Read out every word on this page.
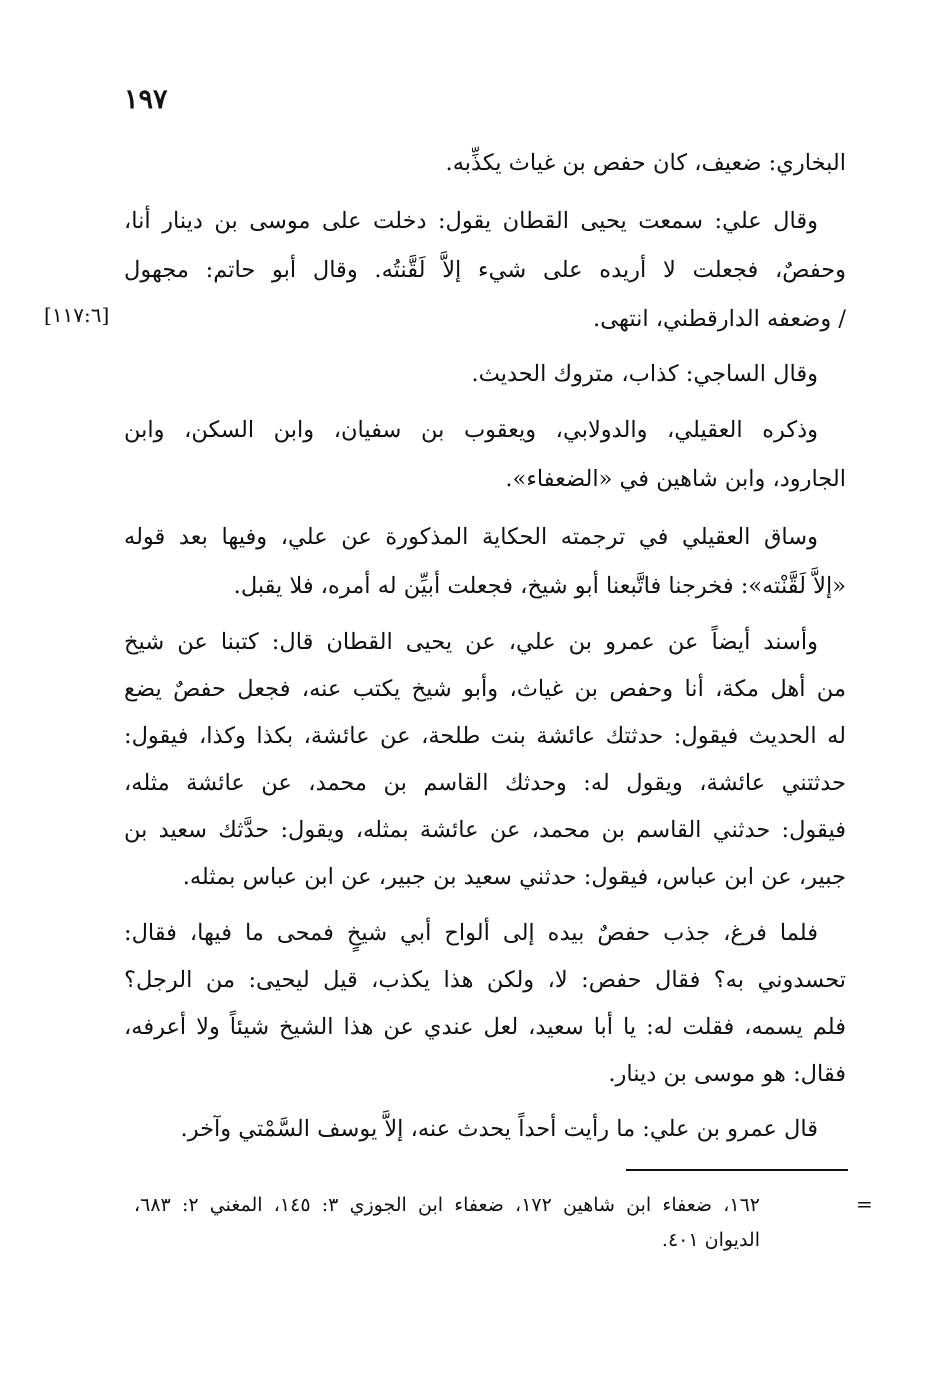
١٩٧
[١١٧:٦]
البخاري: ضعيف، كان حفص بن غياث يكذِّبه.
وقال علي: سمعت يحيى القطان يقول: دخلت على موسى بن دينار أنا،
وحفصٌ، فجعلت لا أريده على شيء إلاَّ لَقَّنتُه. وقال أبو حاتم: مجهول
/ وضعفه الدارقطني، انتهى.
وقال الساجي: كذاب، متروك الحديث.
وذكره العقيلي، والدولابي، ويعقوب بن سفيان، وابن السكن، وابن
الجارود، وابن شاهين في «الضعفاء».
وساق العقيلي في ترجمته الحكاية المذكورة عن علي، وفيها بعد قوله
«إلاَّ لَقَّنْته»: فخرجنا فاتَّبعنا أبو شيخ، فجعلت أبيِّن له أمره، فلا يقبل.
وأسند أيضاً عن عمرو بن علي، عن يحيى القطان قال: كتبنا عن شيخ
من أهل مكة، أنا وحفص بن غياث، وأبو شيخ يكتب عنه، فجعل حفصٌ يضع
له الحديث فيقول: حدثتك عائشة بنت طلحة، عن عائشة، بكذا وكذا، فيقول:
حدثتني عائشة، ويقول له: وحدثك القاسم بن محمد، عن عائشة مثله،
فيقول: حدثني القاسم بن محمد، عن عائشة بمثله، ويقول: حدَّثك سعيد بن
جبير، عن ابن عباس، فيقول: حدثني سعيد بن جبير، عن ابن عباس بمثله.
فلما فرغ، جذب حفصٌ بيده إلى ألواح أبي شيخٍ فمحى ما فيها، فقال:
تحسدوني به؟ فقال حفص: لا، ولكن هذا يكذب، قيل ليحيى: من الرجل؟
فلم يسمه، فقلت له: يا أبا سعيد، لعل عندي عن هذا الشيخ شيئاً ولا أعرفه،
فقال: هو موسى بن دينار.
قال عمرو بن علي: ما رأيت أحداً يحدث عنه، إلاَّ يوسف السَّمْتي وآخر.
=
١٦٢، ضعفاء ابن شاهين ١٧٢، ضعفاء ابن الجوزي ٣: ١٤٥، المغني ٢: ٦٨٣،
الديوان ٤٠١.
